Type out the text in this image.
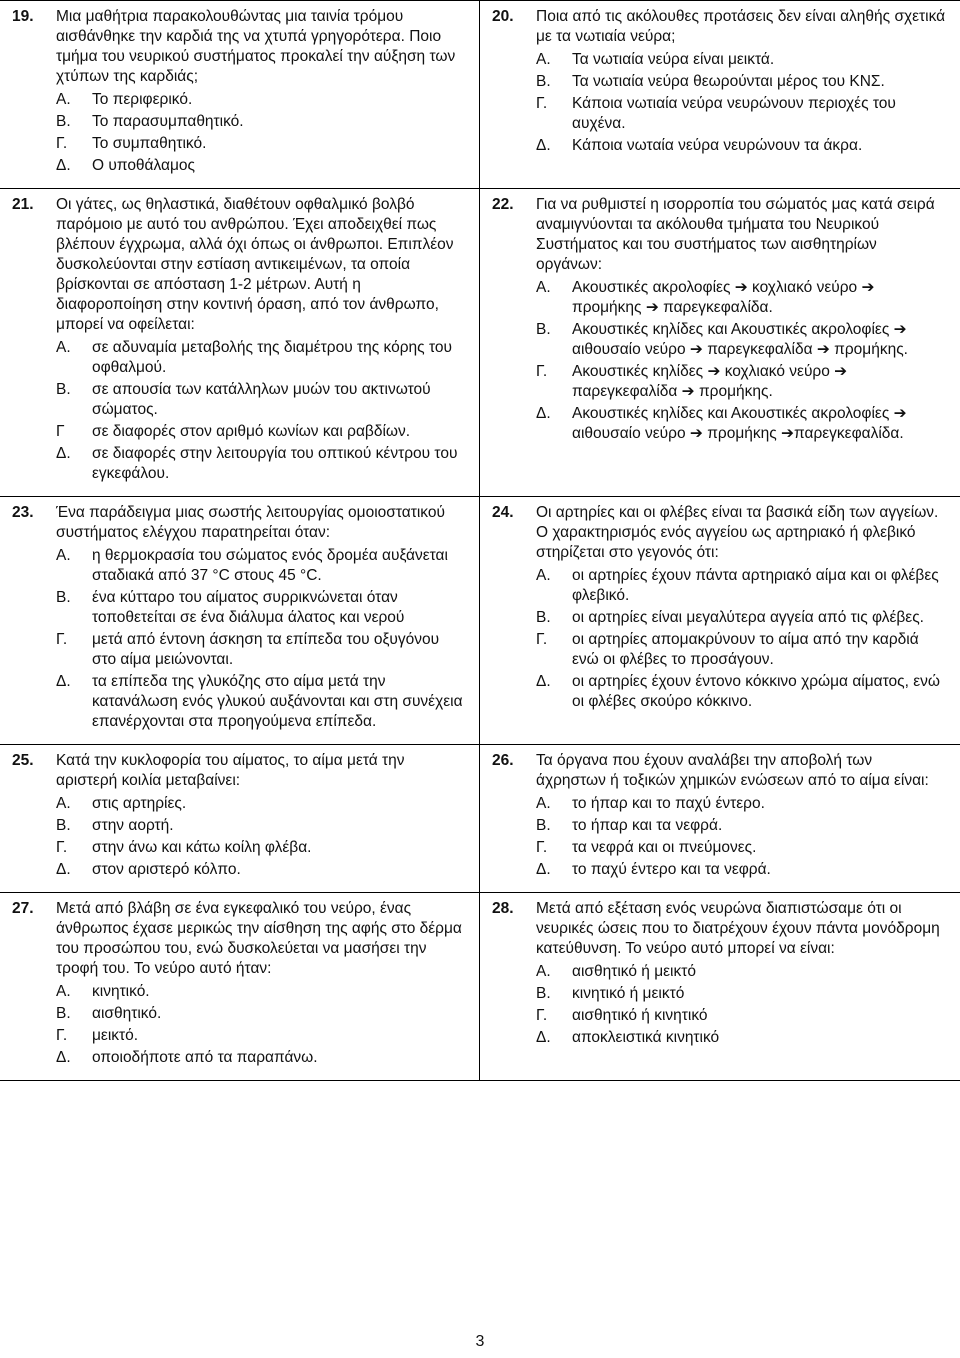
19.	Μια μαθήτρια παρακολουθώντας μια ταινία τρόμου αισθάνθηκε την καρδιά της να χτυπά γρηγορότερα. Ποιο τμήμα του νευρικού συστήματος προκαλεί την αύξηση των χτύπων της καρδιάς;
Α.	Το περιφερικό.
Β.	Το παρασυμπαθητικό.
Γ.	Το συμπαθητικό.
Δ.	Ο υποθάλαμος
20.	Ποια από τις ακόλουθες προτάσεις δεν είναι αληθής σχετικά με τα νωτιαία νεύρα;
Α.	Τα νωτιαία νεύρα είναι μεικτά.
Β.	Τα νωτιαία νεύρα θεωρούνται μέρος του ΚΝΣ.
Γ.	Κάποια νωτιαία νεύρα νευρώνουν περιοχές του αυχένα.
Δ.	Κάποια νωταία νεύρα νευρώνουν τα άκρα.
21.	Οι γάτες, ως θηλαστικά, διαθέτουν οφθαλμικό βολβό παρόμοιο με αυτό του ανθρώπου. Έχει αποδειχθεί πως βλέπουν έγχρωμα, αλλά όχι όπως οι άνθρωποι. Επιπλέον δυσκολεύονται στην εστίαση αντικειμένων, τα οποία βρίσκονται σε απόσταση 1-2 μέτρων. Αυτή η διαφοροποίηση στην κοντινή όραση, από τον άνθρωπο, μπορεί να οφείλεται:
Α.	σε αδυναμία μεταβολής της διαμέτρου της κόρης του οφθαλμού.
Β.	σε απουσία των κατάλληλων μυών του ακτινωτού σώματος.
Γ	σε διαφορές στον αριθμό κωνίων και ραβδίων.
Δ.	σε διαφορές στην λειτουργία του οπτικού κέντρου του εγκεφάλου.
22.	Για να ρυθμιστεί η ισορροπία του σώματός μας κατά σειρά αναμιγνύονται τα ακόλουθα τμήματα του Νευρικού Συστήματος και του συστήματος των αισθητηρίων οργάνων:
Α.	Ακουστικές ακρολοφίες ➔ κοχλιακό νεύρο ➔ προμήκης ➔ παρεγκεφαλίδα.
Β.	Ακουστικές κηλίδες και Ακουστικές ακρολοφίες ➔ αιθουσαίο νεύρο ➔ παρεγκεφαλίδα ➔ προμήκης.
Γ.	Ακουστικές κηλίδες ➔ κοχλιακό νεύρο ➔ παρεγκεφαλίδα ➔ προμήκης.
Δ.	Ακουστικές κηλίδες και Ακουστικές ακρολοφίες ➔ αιθουσαίο νεύρο ➔ προμήκης ➔παρεγκεφαλίδα.
23.	Ένα παράδειγμα μιας σωστής λειτουργίας ομοιοστατικού συστήματος ελέγχου παρατηρείται όταν:
Α.	η θερμοκρασία του σώματος ενός δρομέα αυξάνεται σταδιακά από 37 °C στους 45 °C.
Β.	ένα κύτταρο του αίματος συρρικνώνεται όταν τοποθετείται σε ένα διάλυμα άλατος και νερού
Γ.	μετά από έντονη άσκηση τα επίπεδα του οξυγόνου στο αίμα μειώνονται.
Δ.	τα επίπεδα της γλυκόζης στο αίμα μετά την κατανάλωση ενός γλυκού αυξάνονται και στη συνέχεια επανέρχονται στα προηγούμενα επίπεδα.
24.	Οι αρτηρίες και οι φλέβες είναι τα βασικά είδη των αγγείων. Ο χαρακτηρισμός ενός αγγείου ως αρτηριακό ή φλεβικό στηρίζεται στο γεγονός ότι:
Α.	οι αρτηρίες έχουν πάντα αρτηριακό αίμα και οι φλέβες φλεβικό.
Β.	οι αρτηρίες είναι μεγαλύτερα αγγεία από τις φλέβες.
Γ.	οι αρτηρίες απομακρύνουν το αίμα από την καρδιά ενώ οι φλέβες το προσάγουν.
Δ.	οι αρτηρίες έχουν έντονο κόκκινο χρώμα αίματος, ενώ οι φλέβες σκούρο κόκκινο.
25.	Κατά την κυκλοφορία του αίματος, το αίμα μετά την αριστερή κοιλία μεταβαίνει:
Α.	στις αρτηρίες.
Β.	στην αορτή.
Γ.	στην άνω και κάτω κοίλη φλέβα.
Δ.	στον αριστερό κόλπο.
26.	Τα όργανα που έχουν αναλάβει την αποβολή των άχρηστων ή τοξικών χημικών ενώσεων από το αίμα είναι:
Α.	το ήπαρ και το παχύ έντερο.
Β.	το ήπαρ και τα νεφρά.
Γ.	τα νεφρά και οι πνεύμονες.
Δ.	το παχύ έντερο και τα νεφρά.
27.	Μετά από βλάβη σε ένα εγκεφαλικό του νεύρο, ένας άνθρωπος έχασε μερικώς την αίσθηση της αφής στο δέρμα του προσώπου του, ενώ δυσκολεύεται να μασήσει την τροφή του. Το νεύρο αυτό ήταν:
Α.	κινητικό.
Β.	αισθητικό.
Γ.	μεικτό.
Δ.	οποιοδήποτε από τα παραπάνω.
28.	Μετά από εξέταση ενός νευρώνα διαπιστώσαμε ότι οι νευρικές ώσεις που το διατρέχουν έχουν πάντα μονόδρομη κατεύθυνση. Το νεύρο αυτό μπορεί να είναι:
Α.	αισθητικό ή μεικτό
Β.	κινητικό ή μεικτό
Γ.	αισθητικό ή κινητικό
Δ.	αποκλειστικά κινητικό
3
